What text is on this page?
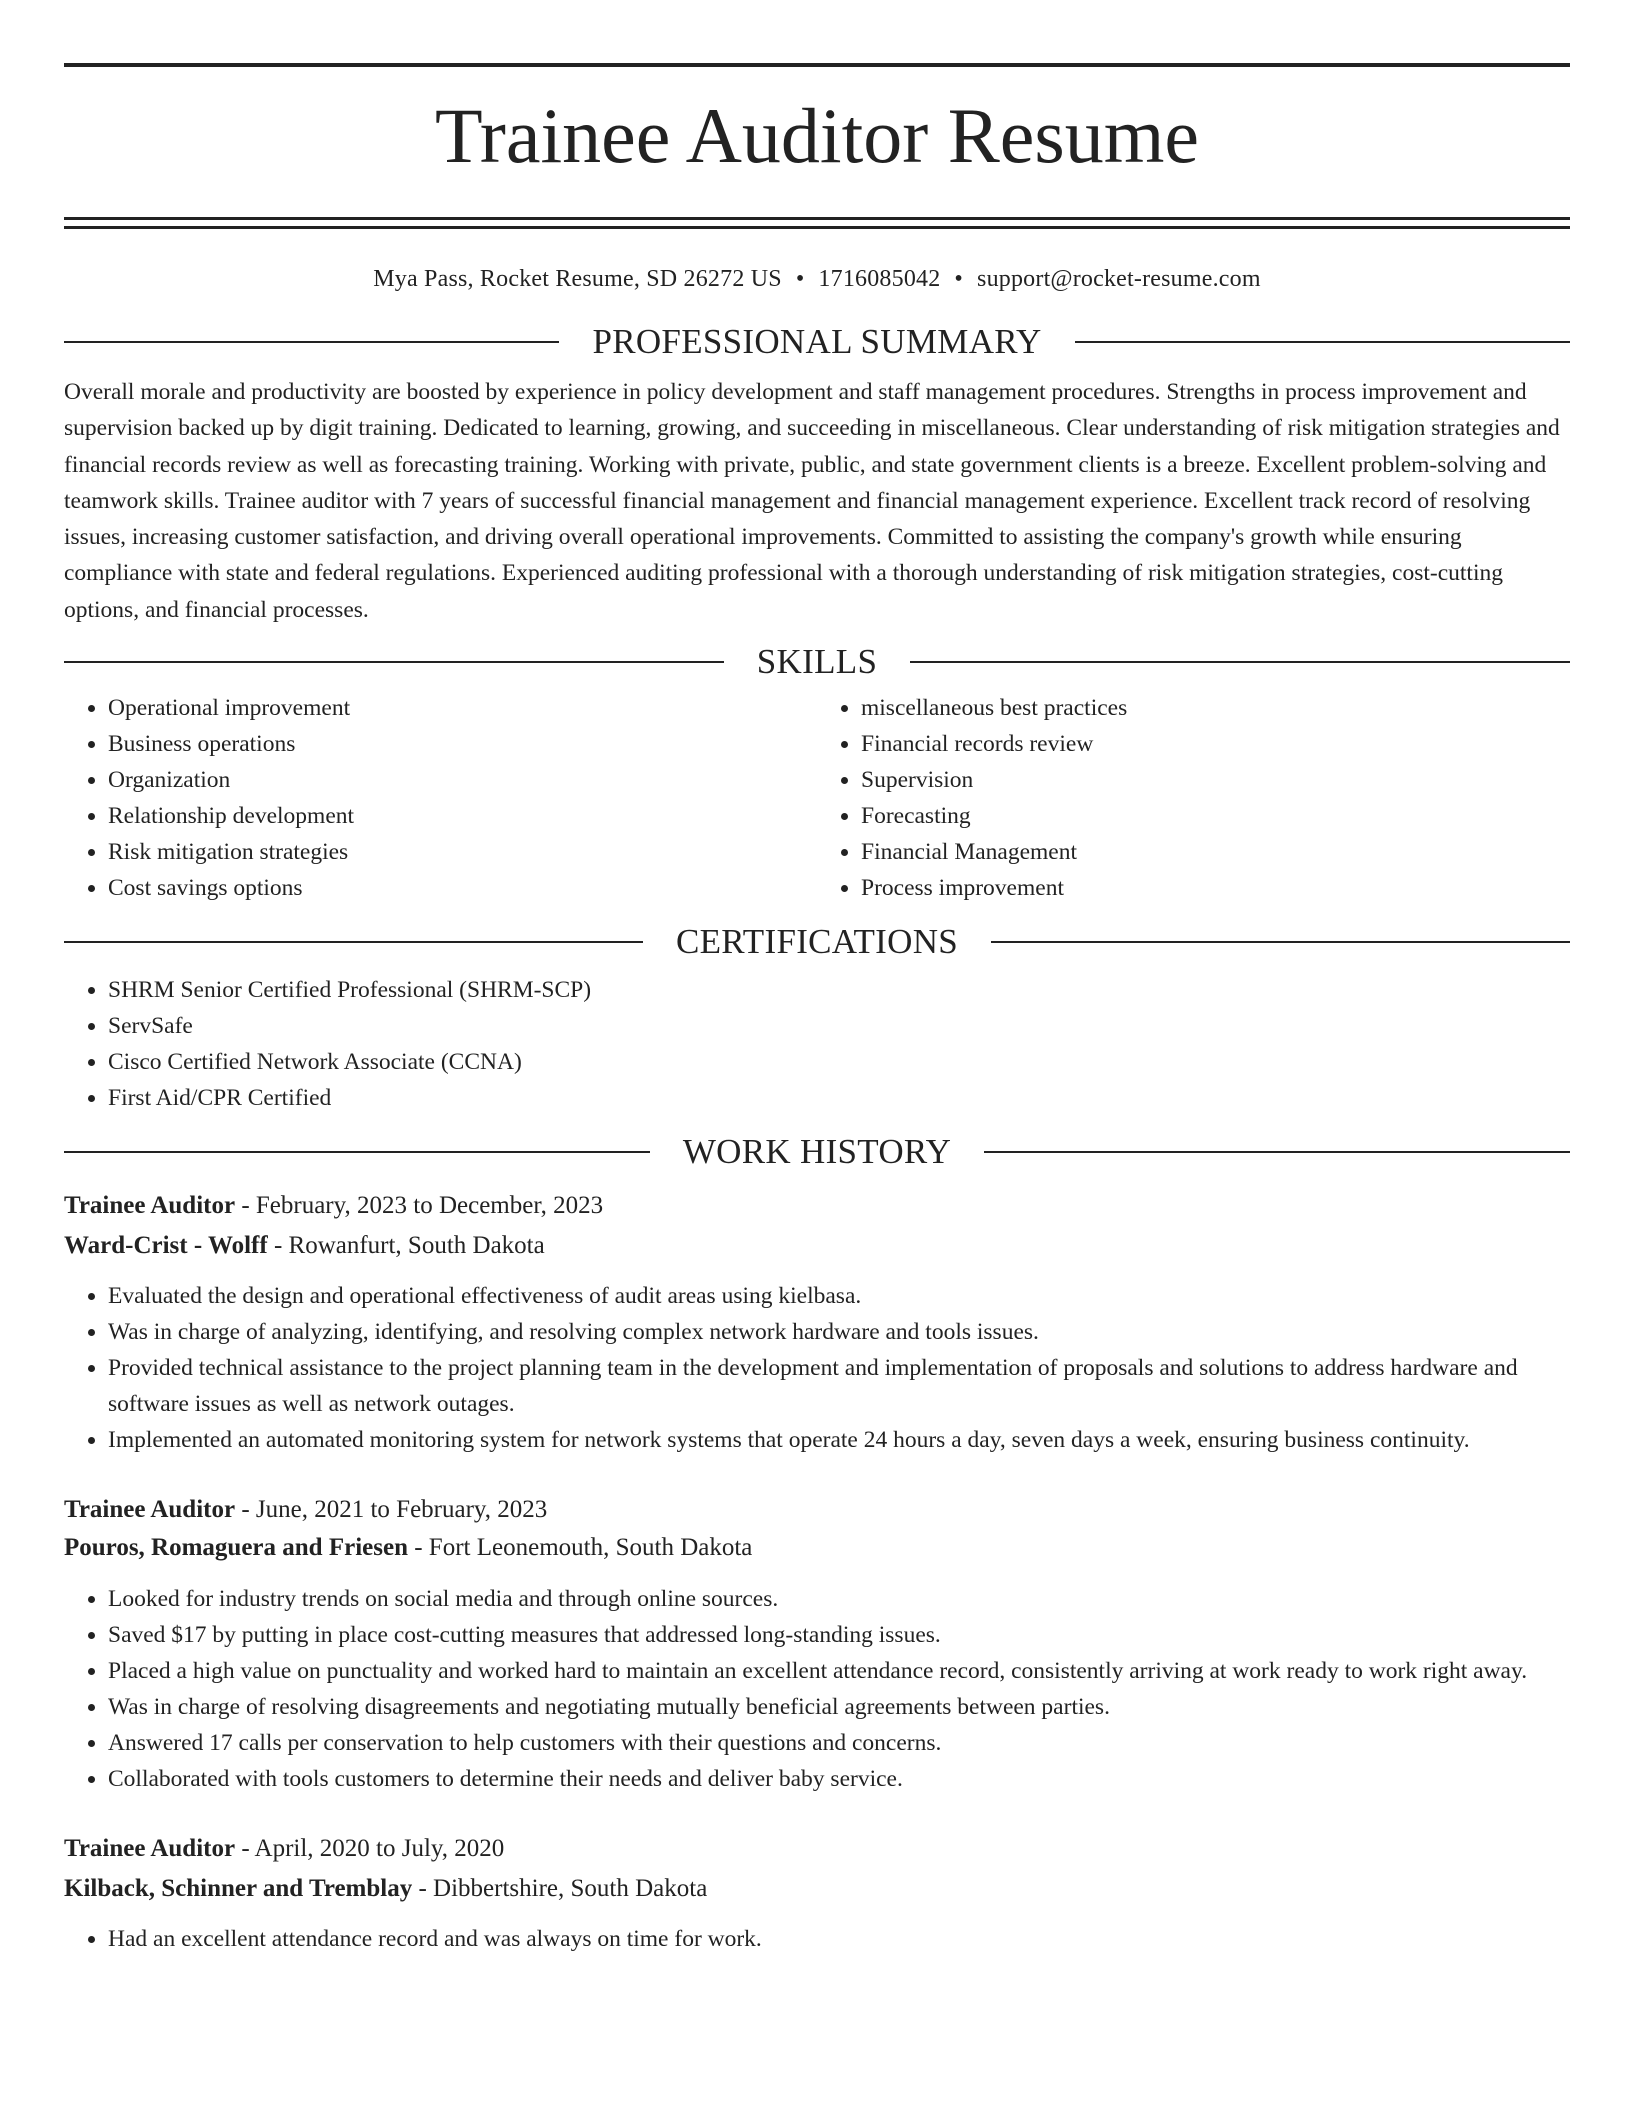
Trainee Auditor Resume
Mya Pass, Rocket Resume, SD 26272 US • 1716085042 • support@rocket-resume.com
PROFESSIONAL SUMMARY

Overall morale and productivity are boosted by experience in policy development and staff management procedures. Strengths in process improvement and supervision backed up by digit training. Dedicated to learning, growing, and succeeding in miscellaneous. Clear understanding of risk mitigation strategies and financial records review as well as forecasting training. Working with private, public, and state government clients is a breeze. Excellent problem-solving and teamwork skills. Trainee auditor with 7 years of successful financial management and financial management experience. Excellent track record of resolving issues, increasing customer satisfaction, and driving overall operational improvements. Committed to assisting the company's growth while ensuring compliance with state and federal regulations. Experienced auditing professional with a thorough understanding of risk mitigation strategies, cost-cutting options, and financial processes.

SKILLS
• Operational improvement
• Business operations
• Organization
• Relationship development
• Risk mitigation strategies
• Cost savings options
• miscellaneous best practices
• Financial records review
• Supervision
• Forecasting
• Financial Management
• Process improvement
CERTIFICATIONS
• SHRM Senior Certified Professional (SHRM-SCP)
• ServSafe
• Cisco Certified Network Associate (CCNA)
• First Aid/CPR Certified
WORK HISTORY
Trainee Auditor - February, 2023 to December, 2023
Ward-Crist - Wolff - Rowanfurt, South Dakota
• Evaluated the design and operational effectiveness of audit areas using kielbasa.
• Was in charge of analyzing, identifying, and resolving complex network hardware and tools issues.
• Provided technical assistance to the project planning team in the development and implementation of proposals and solutions to address hardware and software issues as well as network outages.
• Implemented an automated monitoring system for network systems that operate 24 hours a day, seven days a week, ensuring business continuity.
Trainee Auditor - June, 2021 to February, 2023
Pouros, Romaguera and Friesen - Fort Leonemouth, South Dakota
• Looked for industry trends on social media and through online sources.
• Saved $17 by putting in place cost-cutting measures that addressed long-standing issues.
• Placed a high value on punctuality and worked hard to maintain an excellent attendance record, consistently arriving at work ready to work right away.
• Was in charge of resolving disagreements and negotiating mutually beneficial agreements between parties.
• Answered 17 calls per conservation to help customers with their questions and concerns.
• Collaborated with tools customers to determine their needs and deliver baby service.
Trainee Auditor - April, 2020 to July, 2020
Kilback, Schinner and Tremblay - Dibbertshire, South Dakota
• Had an excellent attendance record and was always on time for work.
